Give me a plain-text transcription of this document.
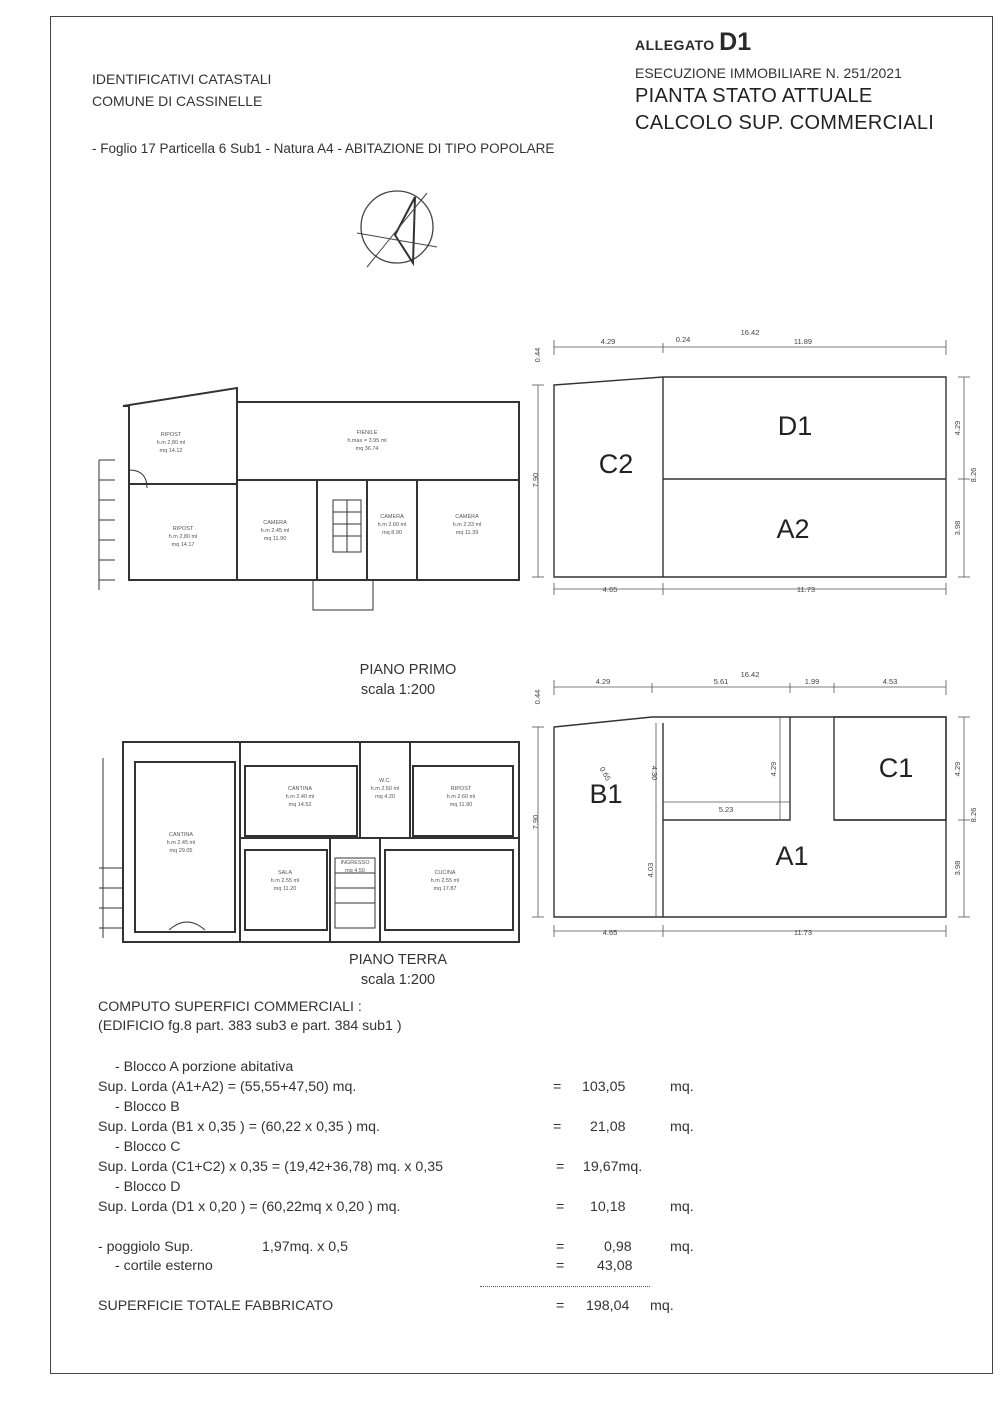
IDENTIFICATIVI CATASTALI
COMUNE DI CASSINELLE
ALLEGATO D1
ESECUZIONE IMMOBILIARE N. 251/2021
PIANTA STATO ATTUALE
CALCOLO SUP. COMMERCIALI
- Foglio 17 Particella 6 Sub1 - Natura A4 - ABITAZIONE DI TIPO POPOLARE
RIPOST
h.m 2,80 ml
mq 14.12
FIENILE
h.max = 3.95 ml
mq 36.74
RIPOST
h.m 2,80 ml
mq 14.17
CAMERA
h.m 2.45 ml
mq 11.90
CAMERA
h.m 2.60 ml
mq 8.90
CAMERA
h.m 2.33 ml
mq 11.39
PIANO PRIMO
scala 1:200
16.42
4.29	0.24	11.89
0.44
7.90
4.29
8.26
3.98
4.65	11.73
C2
D1
A2
CANTINA
h.m 2.45 ml
mq 29.05
CANTINA
h.m 2.40 ml
mq 14.52
W.C.
h.m 2.50 ml
mq 4.20
RIPOST
h.m 2.60 ml
mq 11.90
SALA
h.m 2.55 ml
mq 11.20
INGRESSO
mq 4.50	CUCINA
h.m 2.55 ml
mq 17.87
PIANO TERRA
scala 1:200
16.42
4.29	5.61	1.99	4.53
0.44
7.90
4.29
8.26
3.98
4.30	4.29
5.23
4.03
0.65
4.65	11.73
B1
C1
A1
COMPUTO SUPERFICI COMMERCIALI :
(EDIFICIO fg.8 part. 383 sub3 e part. 384 sub1 )
- Blocco A porzione abitativa
Sup. Lorda (A1+A2) = (55,55+47,50) mq.	= 103,05	mq.
- Blocco B
Sup. Lorda (B1 x 0,35 ) = (60,22 x 0,35 ) mq.	= 21,08	mq.
- Blocco C
Sup. Lorda (C1+C2) x 0,35 = (19,42+36,78) mq. x 0,35	= 19,67mq.
- Blocco D
Sup. Lorda (D1 x 0,20 ) = (60,22mq x 0,20 ) mq.	= 10,18	mq.
- poggiolo Sup.	1,97mq. x 0,5	=	0,98	mq.
- cortile esterno	= 43,08
SUPERFICIE TOTALE FABBRICATO	= 198,04 mq.
